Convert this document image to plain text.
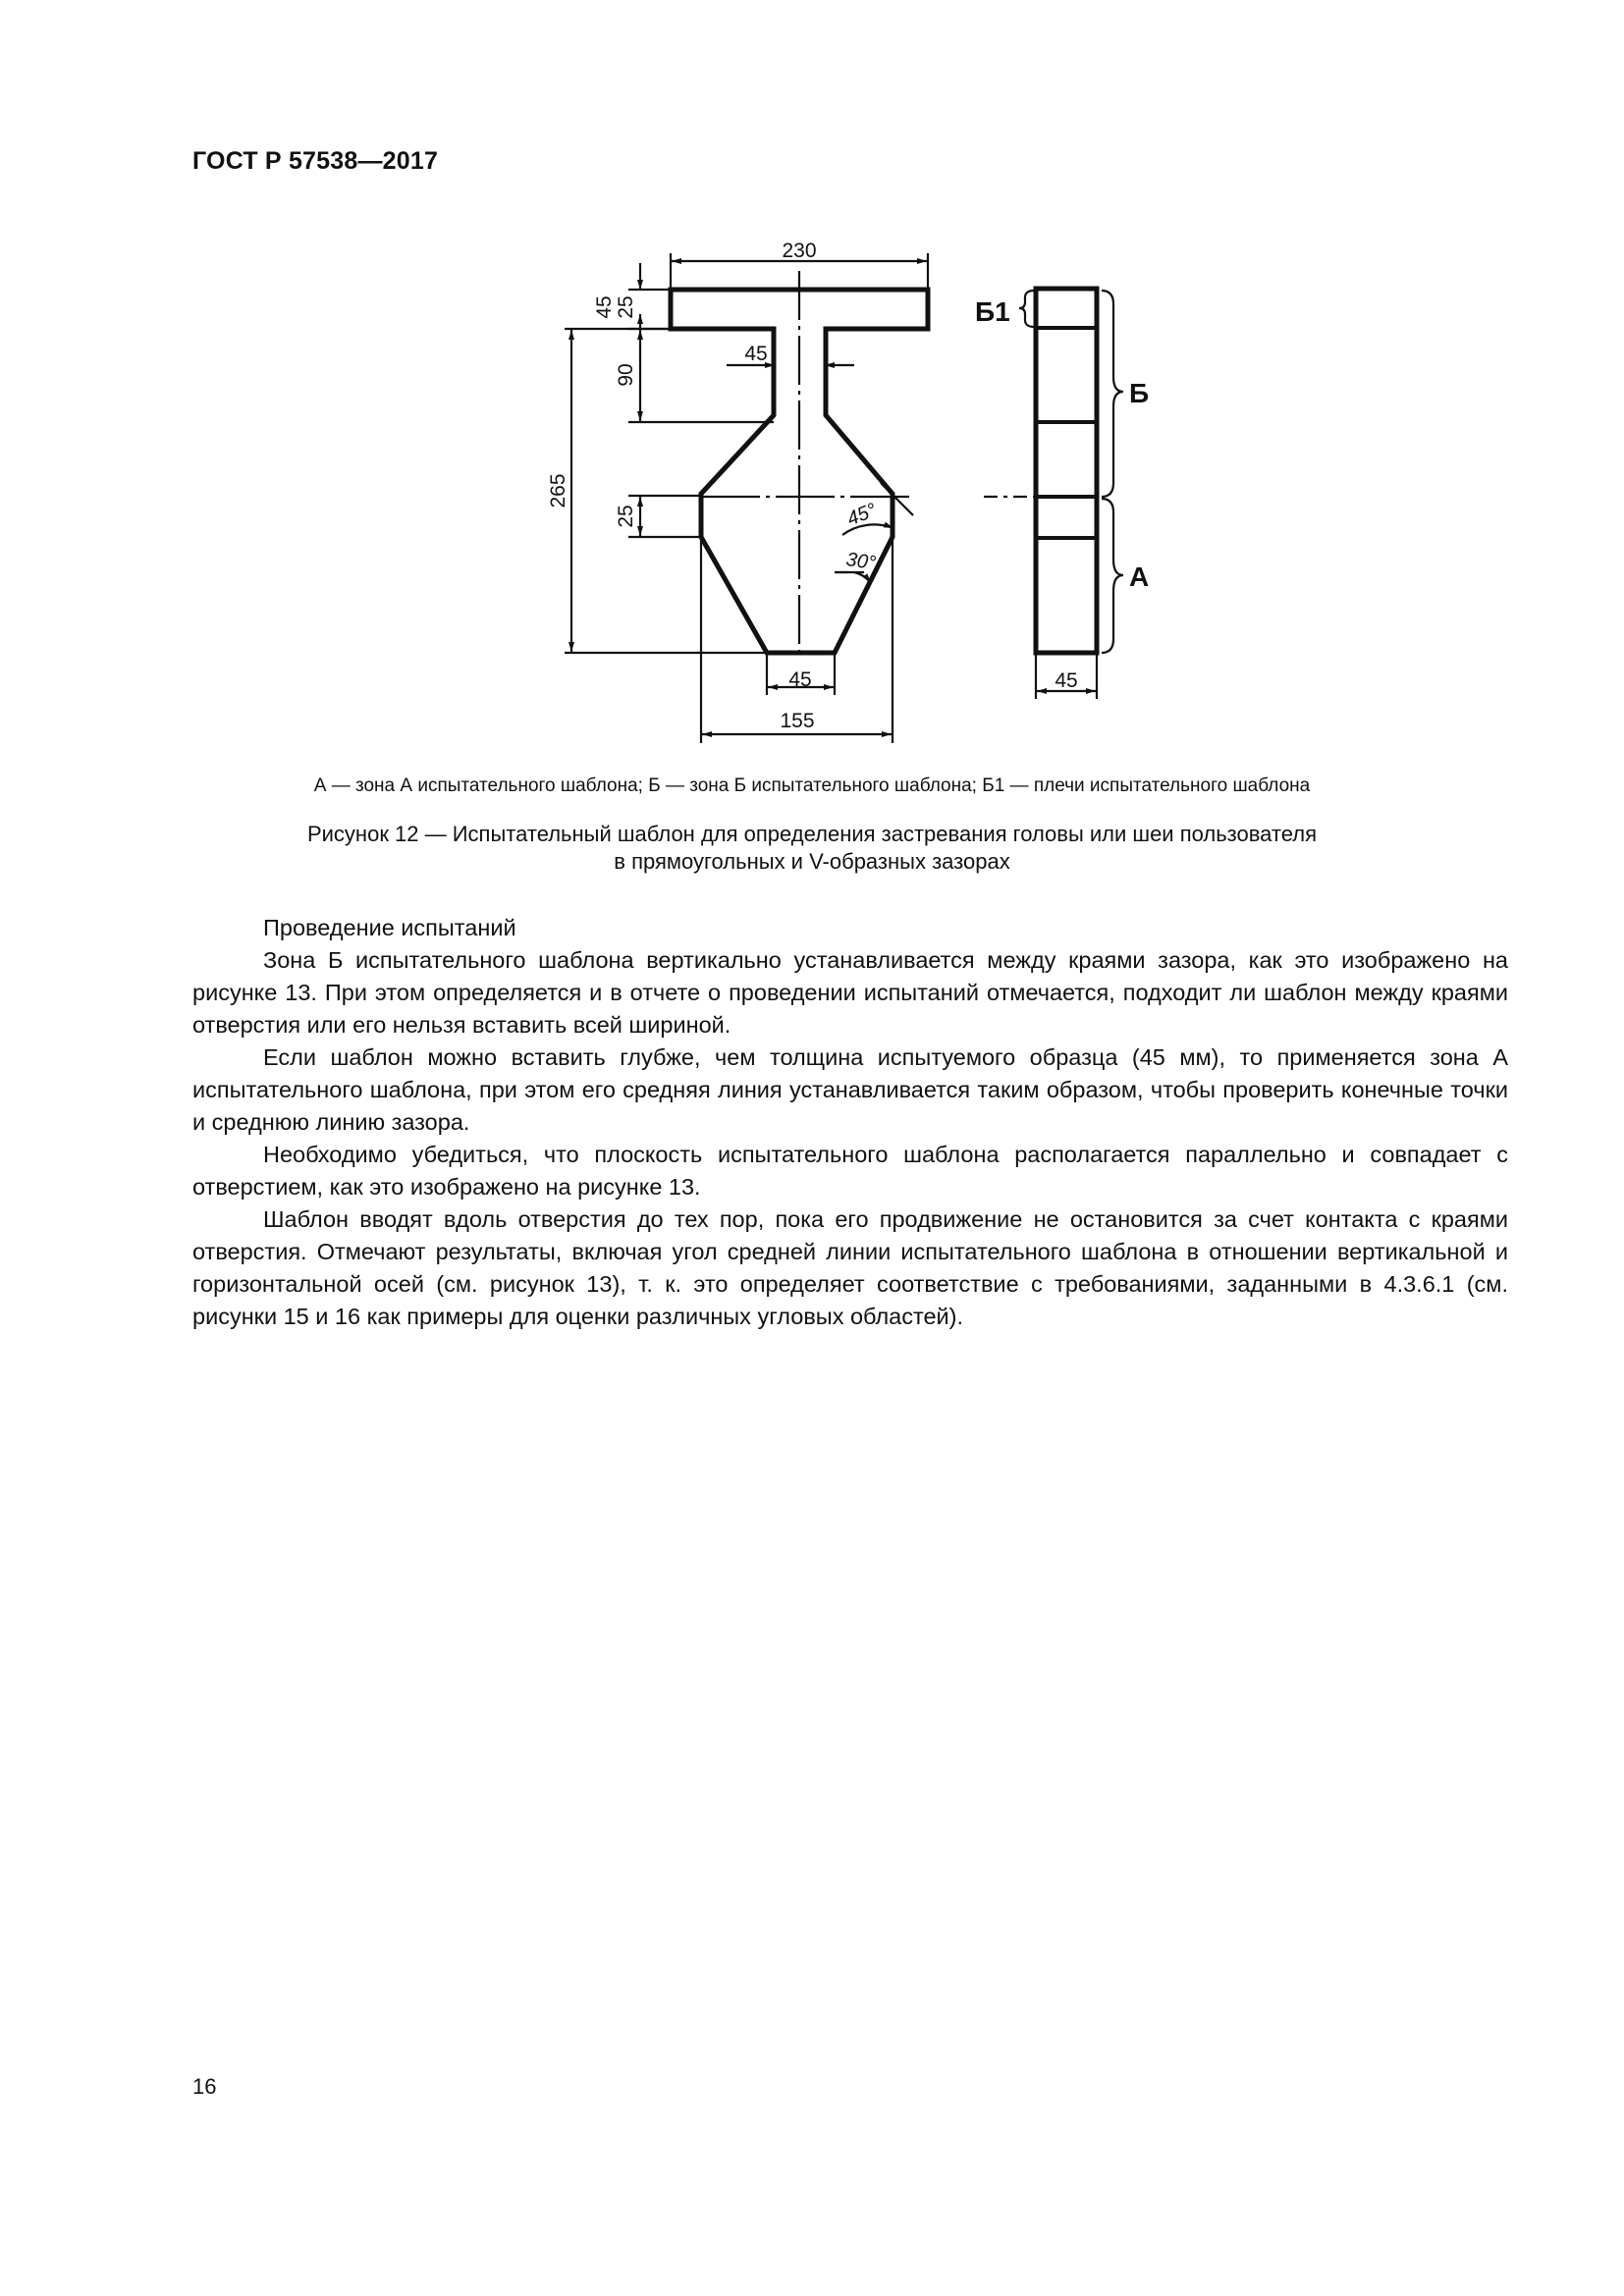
ГОСТ Р 57538—2017
230
45 25
45
90
265
25
45
155
45°
30°
45
Б1
Б
А
А — зона А испытательного шаблона; Б — зона Б испытательного шаблона; Б1 — плечи испытательного шаблона
Рисунок 12 — Испытательный шаблон для определения застревания головы или шеи пользователя
в прямоугольных и V-образных зазорах

Проведение испытаний

Зона Б испытательного шаблона вертикально устанавливается между краями зазора, как это изображено на рисунке 13. При этом определяется и в отчете о проведении испытаний отмечается, подходит ли шаблон между краями отверстия или его нельзя вставить всей шириной.

Если шаблон можно вставить глубже, чем толщина испытуемого образца (45 мм), то применяется зона А испытательного шаблона, при этом его средняя линия устанавливается таким образом, чтобы проверить конечные точки и среднюю линию зазора.

Необходимо убедиться, что плоскость испытательного шаблона располагается параллельно и совпадает с отверстием, как это изображено на рисунке 13.

Шаблон вводят вдоль отверстия до тех пор, пока его продвижение не остановится за счет контакта с краями отверстия. Отмечают результаты, включая угол средней линии испытательного шаблона в отношении вертикальной и горизонтальной осей (см. рисунок 13), т. к. это определяет соответствие с требованиями, заданными в 4.3.6.1 (см. рисунки 15 и 16 как примеры для оценки различных угловых областей).

16
